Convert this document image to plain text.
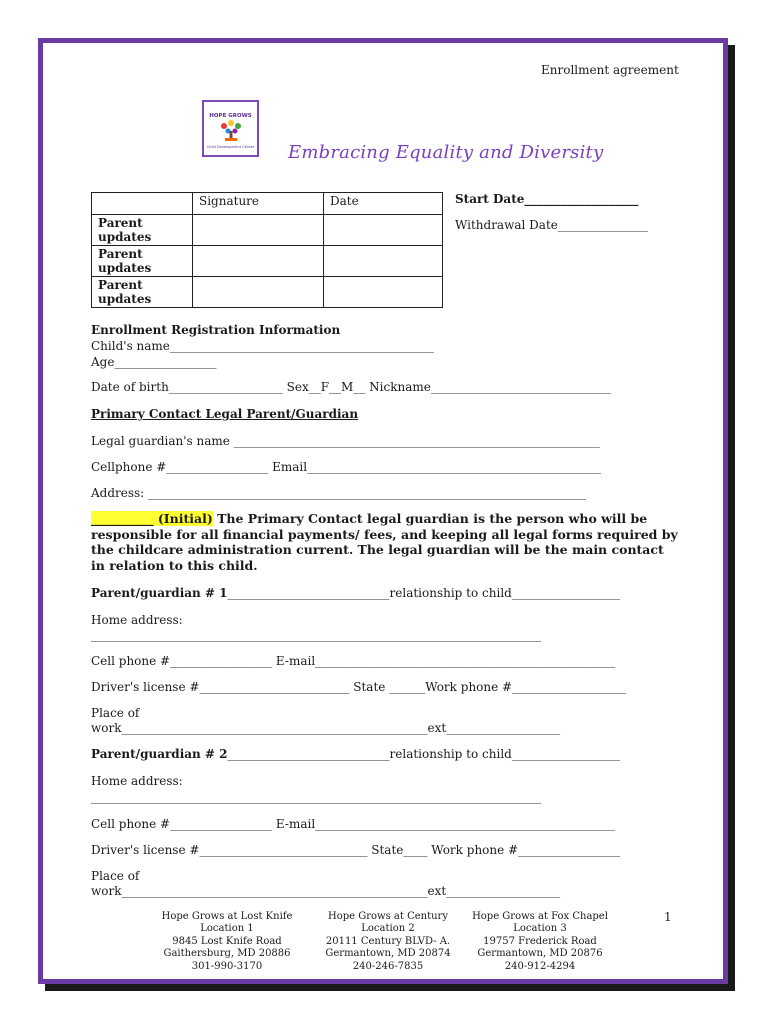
Enrollment agreement
HOPE GROWS
Child Development Center Embracing Equality and Diversity
	Signature	Date
Parent updates		
Parent updates		
Parent updates		
Start Date___________________
Withdrawal Date_______________
Enrollment Registration Information
Child's name____________________________________________
Age_________________
Date of birth___________________ Sex__F__M__ Nickname______________________________
Primary Contact Legal Parent/Guardian
Legal guardian's name _____________________________________________________________
Cellphone #_________________ Email_________________________________________________
Address: _________________________________________________________________________
__________ (Initial) The Primary Contact legal guardian is the person who will be responsible for all financial payments/ fees, and keeping all legal forms required by the childcare administration current. The legal guardian will be the main contact in relation to this child.
Parent/guardian # 1___________________________relationship to child__________________
Home address:
___________________________________________________________________________
Cell phone #_________________ E-mail__________________________________________________
Driver's license #_________________________ State ______Work phone #___________________
Place of
work___________________________________________________ext___________________
Parent/guardian # 2___________________________relationship to child__________________
Home address:
___________________________________________________________________________
Cell phone #_________________ E-mail__________________________________________________
Driver's license #____________________________ State____ Work phone #_________________
Place of
work___________________________________________________ext___________________
Hope Grows at Lost Knife
Location 1
9845 Lost Knife Road
Gaithersburg, MD 20886
301-990-3170
Hope Grows at Century
Location 2
20111 Century BLVD- A.
Germantown, MD 20874
240-246-7835
Hope Grows at Fox Chapel
Location 3
19757 Frederick Road
Germantown, MD 20876
240-912-4294
1
